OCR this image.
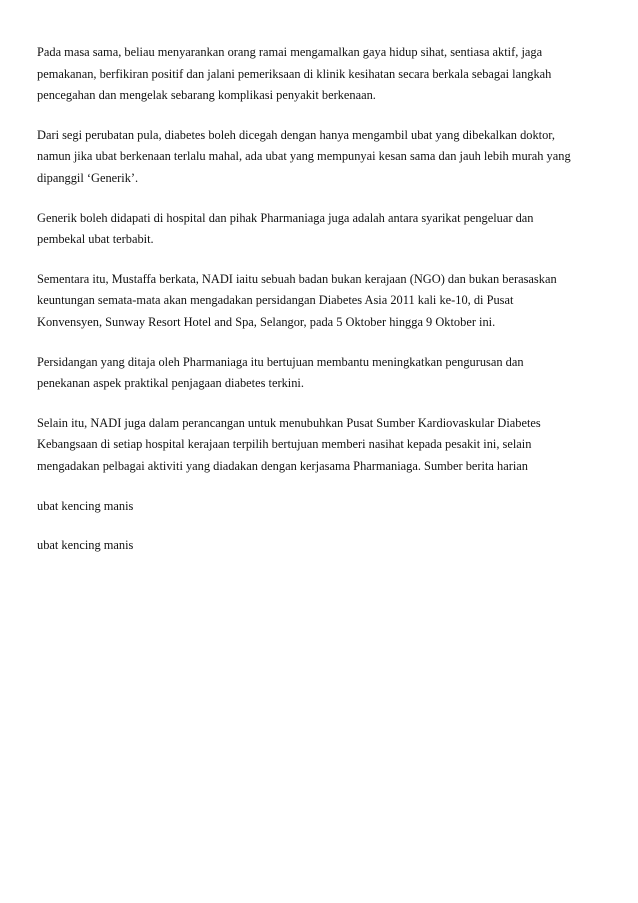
Pada masa sama, beliau menyarankan orang ramai mengamalkan gaya hidup sihat, sentiasa aktif, jaga
pemakanan, berfikiran positif dan jalani pemeriksaan di klinik kesihatan secara berkala sebagai langkah
pencegahan dan mengelak sebarang komplikasi penyakit berkenaan.

Dari segi perubatan pula, diabetes boleh dicegah dengan hanya mengambil ubat yang dibekalkan doktor,
namun jika ubat berkenaan terlalu mahal, ada ubat yang mempunyai kesan sama dan jauh lebih murah yang
dipanggil ‘Generik’.

Generik boleh didapati di hospital dan pihak Pharmaniaga juga adalah antara syarikat pengeluar dan
pembekal ubat terbabit.

Sementara itu, Mustaffa berkata, NADI iaitu sebuah badan bukan kerajaan (NGO) dan bukan berasaskan
keuntungan semata-mata akan mengadakan persidangan Diabetes Asia 2011 kali ke-10, di Pusat
Konvensyen, Sunway Resort Hotel and Spa, Selangor, pada 5 Oktober hingga 9 Oktober ini.

Persidangan yang ditaja oleh Pharmaniaga itu bertujuan membantu meningkatkan pengurusan dan
penekanan aspek praktikal penjagaan diabetes terkini.

Selain itu, NADI juga dalam perancangan untuk menubuhkan Pusat Sumber Kardiovaskular Diabetes
Kebangsaan di setiap hospital kerajaan terpilih bertujuan memberi nasihat kepada pesakit ini, selain
mengadakan pelbagai aktiviti yang diadakan dengan kerjasama Pharmaniaga. Sumber berita harian

ubat kencing manis

ubat kencing manis
